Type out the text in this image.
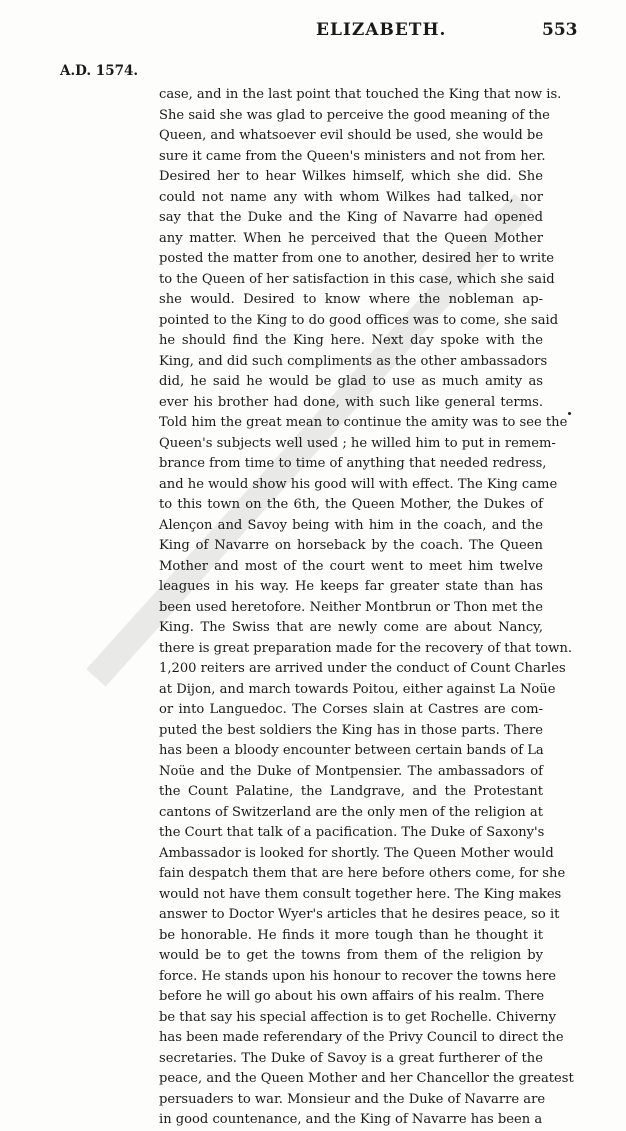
ELIZABETH.	553
A.D. 1574.
case, and in the last point that touched the King that now is.
She said she was glad to perceive the good meaning of the
Queen, and whatsoever evil should be used, she would be
sure it came from the Queen's ministers and not from her.
Desired her to hear Wilkes himself, which she did. She
could not name any with whom Wilkes had talked, nor
say that the Duke and the King of Navarre had opened
any matter. When he perceived that the Queen Mother
posted the matter from one to another, desired her to write
to the Queen of her satisfaction in this case, which she said
she would. Desired to know where the nobleman ap-
pointed to the King to do good offices was to come, she said
he should find the King here. Next day spoke with the
King, and did such compliments as the other ambassadors
did, he said he would be glad to use as much amity as
ever his brother had done, with such like general terms.
Told him the great mean to continue the amity was to see the
Queen's subjects well used ; he willed him to put in remem-
brance from time to time of anything that needed redress,
and he would show his good will with effect. The King came
to this town on the 6th, the Queen Mother, the Dukes of
Alençon and Savoy being with him in the coach, and the
King of Navarre on horseback by the coach. The Queen
Mother and most of the court went to meet him twelve
leagues in his way. He keeps far greater state than has
been used heretofore. Neither Montbrun or Thon met the
King. The Swiss that are newly come are about Nancy,
there is great preparation made for the recovery of that town.
1,200 reiters are arrived under the conduct of Count Charles
at Dijon, and march towards Poitou, either against La Noüe
or into Languedoc. The Corses slain at Castres are com-
puted the best soldiers the King has in those parts. There
has been a bloody encounter between certain bands of La
Noüe and the Duke of Montpensier. The ambassadors of
the Count Palatine, the Landgrave, and the Protestant
cantons of Switzerland are the only men of the religion at
the Court that talk of a pacification. The Duke of Saxony's
Ambassador is looked for shortly. The Queen Mother would
fain despatch them that are here before others come, for she
would not have them consult together here. The King makes
answer to Doctor Wyer's articles that he desires peace, so it
be honorable. He finds it more tough than he thought it
would be to get the towns from them of the religion by
force. He stands upon his honour to recover the towns here
before he will go about his own affairs of his realm. There
be that say his special affection is to get Rochelle. Chiverny
has been made referendary of the Privy Council to direct the
secretaries. The Duke of Savoy is a great furtherer of the
peace, and the Queen Mother and her Chancellor the greatest
persuaders to war. Monsieur and the Duke of Navarre are
in good countenance, and the King of Navarre has been a
